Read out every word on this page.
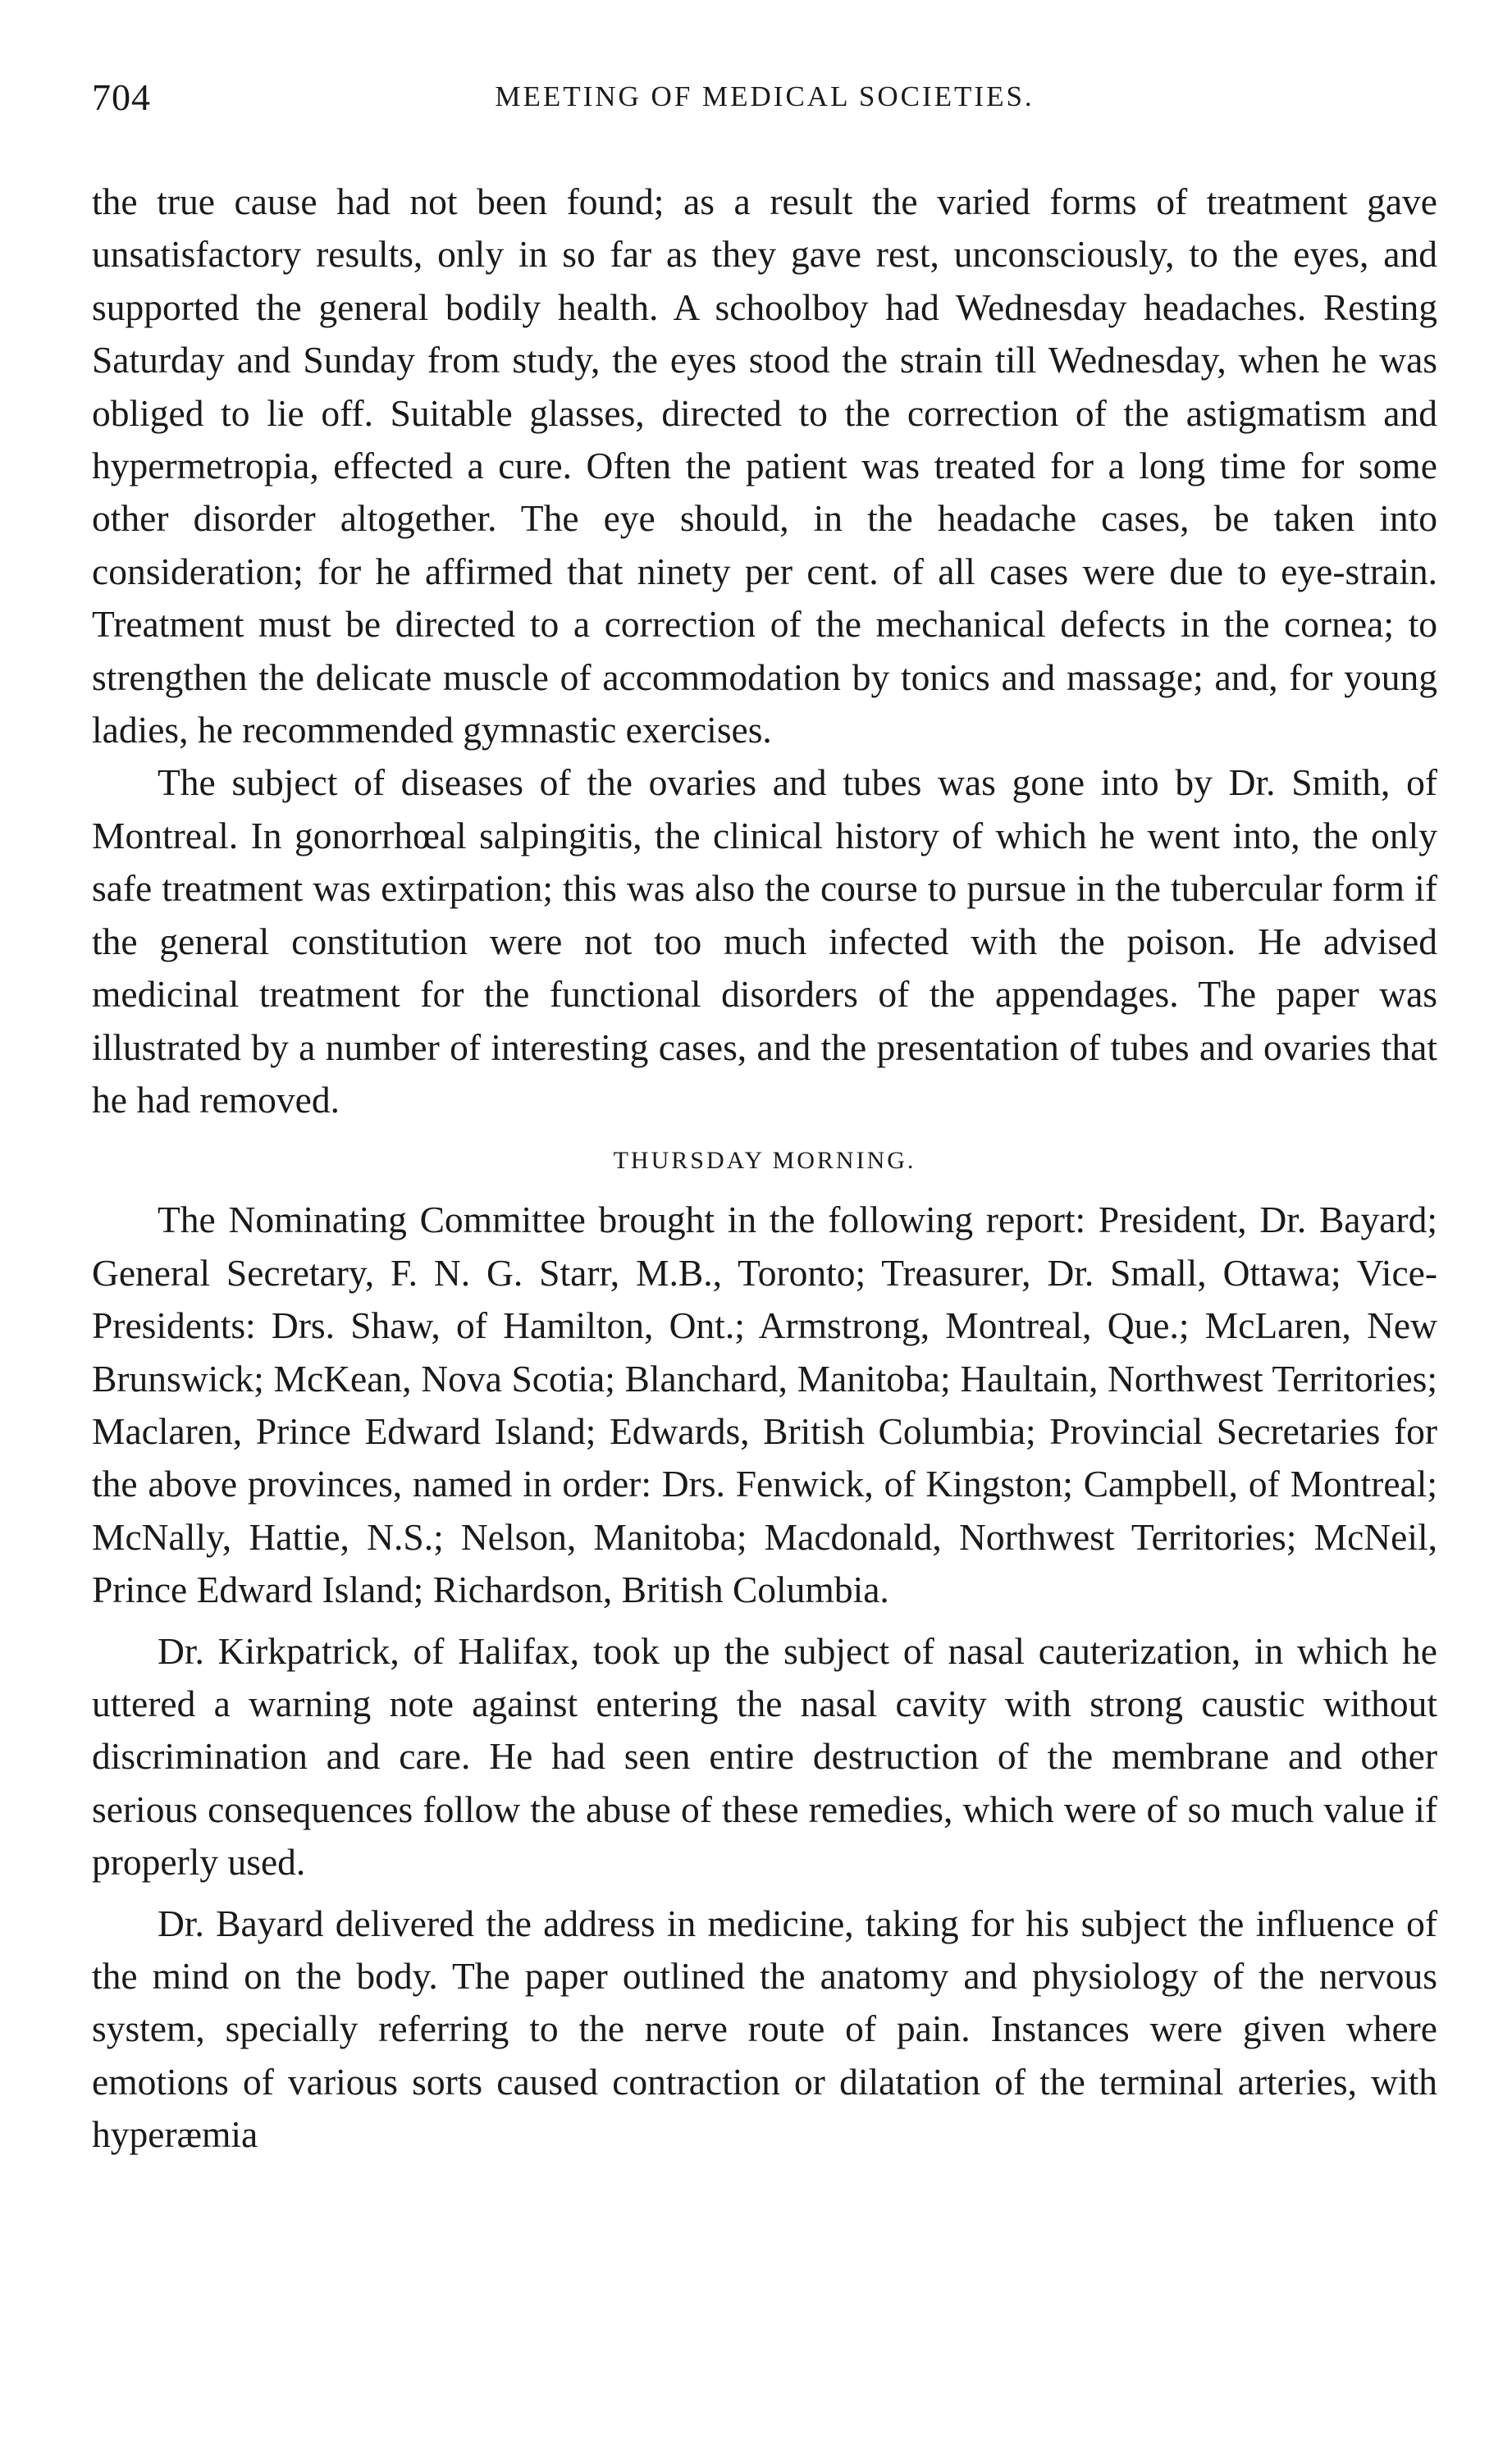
704	MEETING OF MEDICAL SOCIETIES.

the true cause had not been found; as a result the varied forms of treatment gave unsatisfactory results, only in so far as they gave rest, unconsciously, to the eyes, and supported the general bodily health. A schoolboy had Wednesday headaches. Resting Saturday and Sunday from study, the eyes stood the strain till Wednesday, when he was obliged to lie off. Suitable glasses, directed to the correction of the astigmatism and hypermetropia, effected a cure. Often the patient was treated for a long time for some other disorder altogether. The eye should, in the headache cases, be taken into consideration; for he affirmed that ninety per cent. of all cases were due to eye-strain. Treatment must be directed to a correction of the mechanical defects in the cornea; to strengthen the delicate muscle of accommodation by tonics and massage; and, for young ladies, he recommended gymnastic exercises.

The subject of diseases of the ovaries and tubes was gone into by Dr. Smith, of Montreal. In gonorrhœal salpingitis, the clinical history of which he went into, the only safe treatment was extirpation; this was also the course to pursue in the tubercular form if the general constitution were not too much infected with the poison. He advised medicinal treatment for the functional disorders of the appendages. The paper was illustrated by a number of interesting cases, and the presentation of tubes and ovaries that he had removed.

THURSDAY MORNING.

The Nominating Committee brought in the following report: President, Dr. Bayard; General Secretary, F. N. G. Starr, M.B., Toronto; Treasurer, Dr. Small, Ottawa; Vice-Presidents: Drs. Shaw, of Hamilton, Ont.; Armstrong, Montreal, Que.; McLaren, New Brunswick; McKean, Nova Scotia; Blanchard, Manitoba; Haultain, Northwest Territories; Maclaren, Prince Edward Island; Edwards, British Columbia; Provincial Secretaries for the above provinces, named in order: Drs. Fenwick, of Kingston; Campbell, of Montreal; McNally, Hattie, N.S.; Nelson, Manitoba; Macdonald, Northwest Territories; McNeil, Prince Edward Island; Richardson, British Columbia.

Dr. Kirkpatrick, of Halifax, took up the subject of nasal cauterization, in which he uttered a warning note against entering the nasal cavity with strong caustic without discrimination and care. He had seen entire destruction of the membrane and other serious consequences follow the abuse of these remedies, which were of so much value if properly used.

Dr. Bayard delivered the address in medicine, taking for his subject the influence of the mind on the body. The paper outlined the anatomy and physiology of the nervous system, specially referring to the nerve route of pain. Instances were given where emotions of various sorts caused contraction or dilatation of the terminal arteries, with hyperæmia
